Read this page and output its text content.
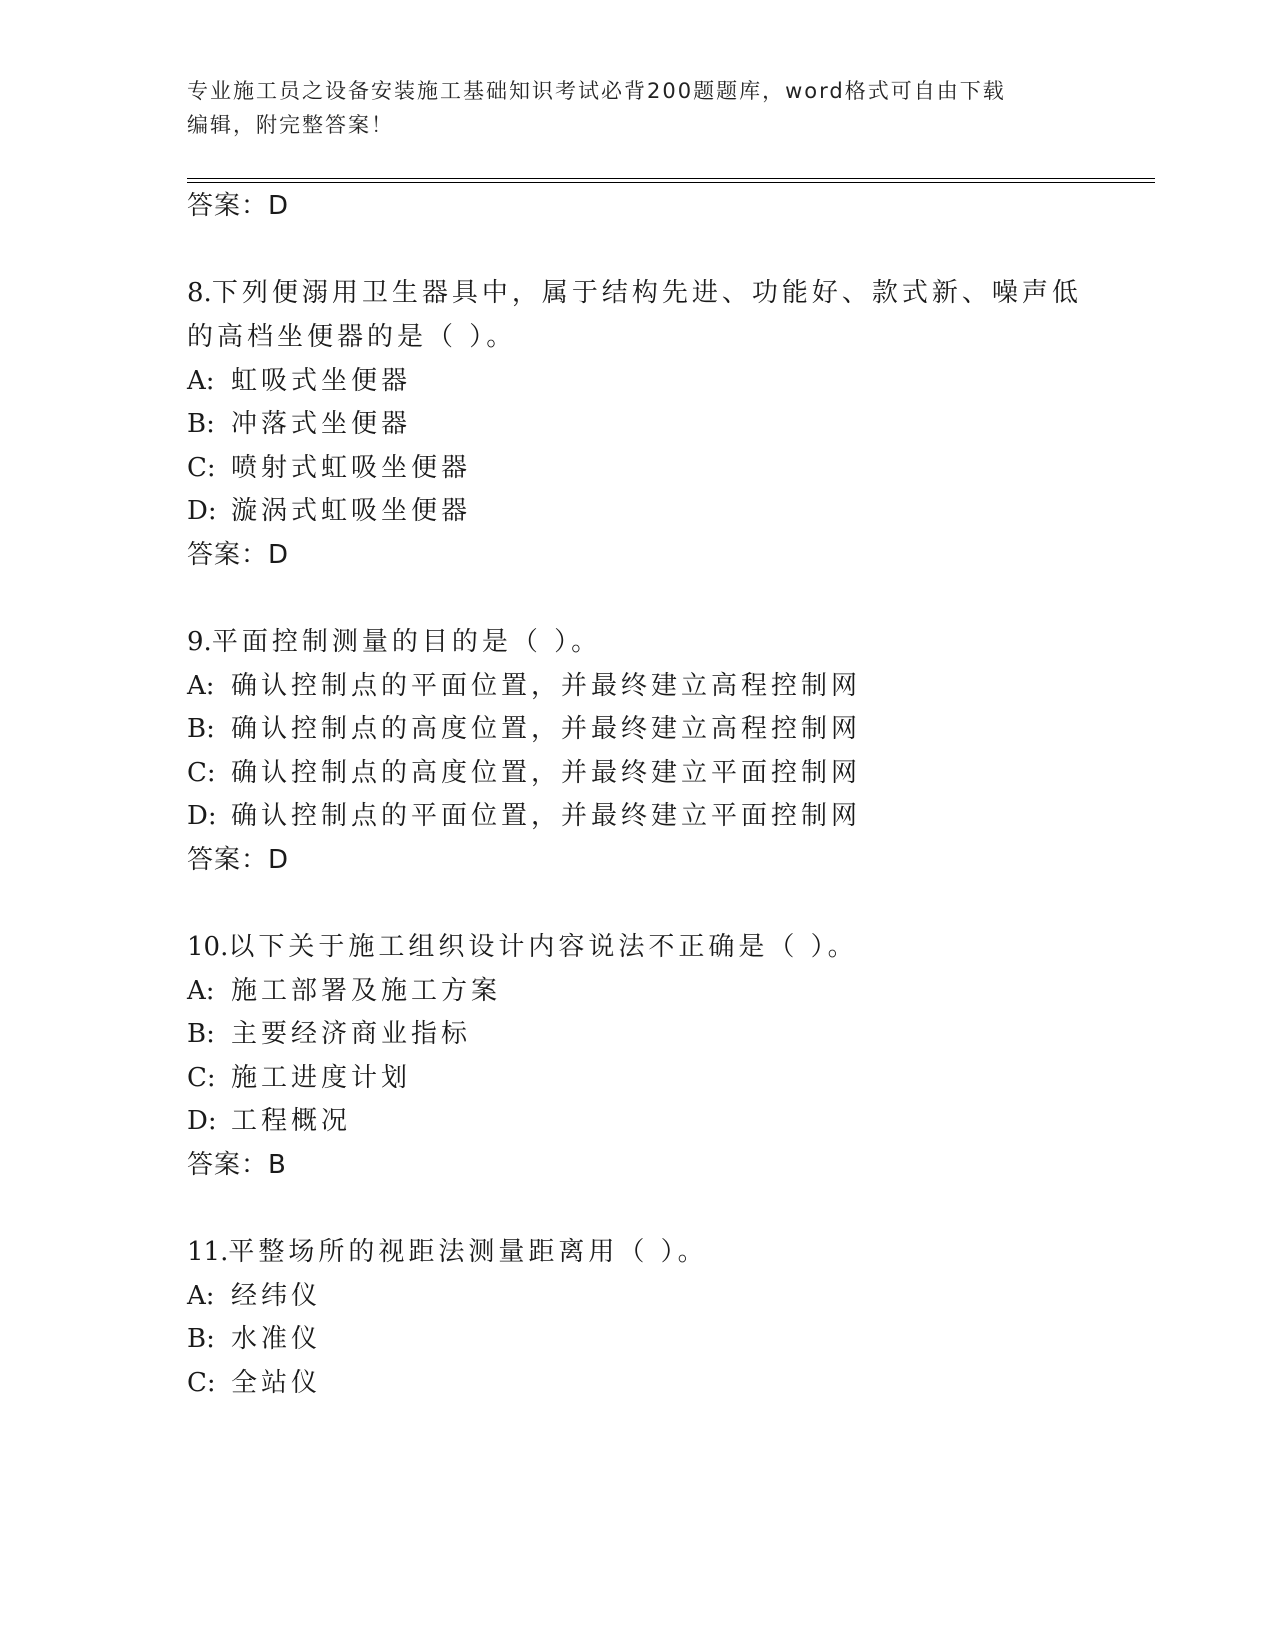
专业施工员之设备安装施工基础知识考试必背200题题库，word格式可自由下载
编辑，附完整答案！
答案：D
8.下列便溺用卫生器具中，属于结构先进、功能好、款式新、噪声低
的高档坐便器的是（ ）。
A: 虹吸式坐便器
B: 冲落式坐便器
C: 喷射式虹吸坐便器
D: 漩涡式虹吸坐便器
答案：D
9.平面控制测量的目的是（ ）。
A: 确认控制点的平面位置，并最终建立高程控制网
B: 确认控制点的高度位置，并最终建立高程控制网
C: 确认控制点的高度位置，并最终建立平面控制网
D: 确认控制点的平面位置，并最终建立平面控制网
答案：D
10.以下关于施工组织设计内容说法不正确是（ ）。
A: 施工部署及施工方案
B: 主要经济商业指标
C: 施工进度计划
D: 工程概况
答案：B
11.平整场所的视距法测量距离用（ ）。
A: 经纬仪
B: 水准仪
C: 全站仪
